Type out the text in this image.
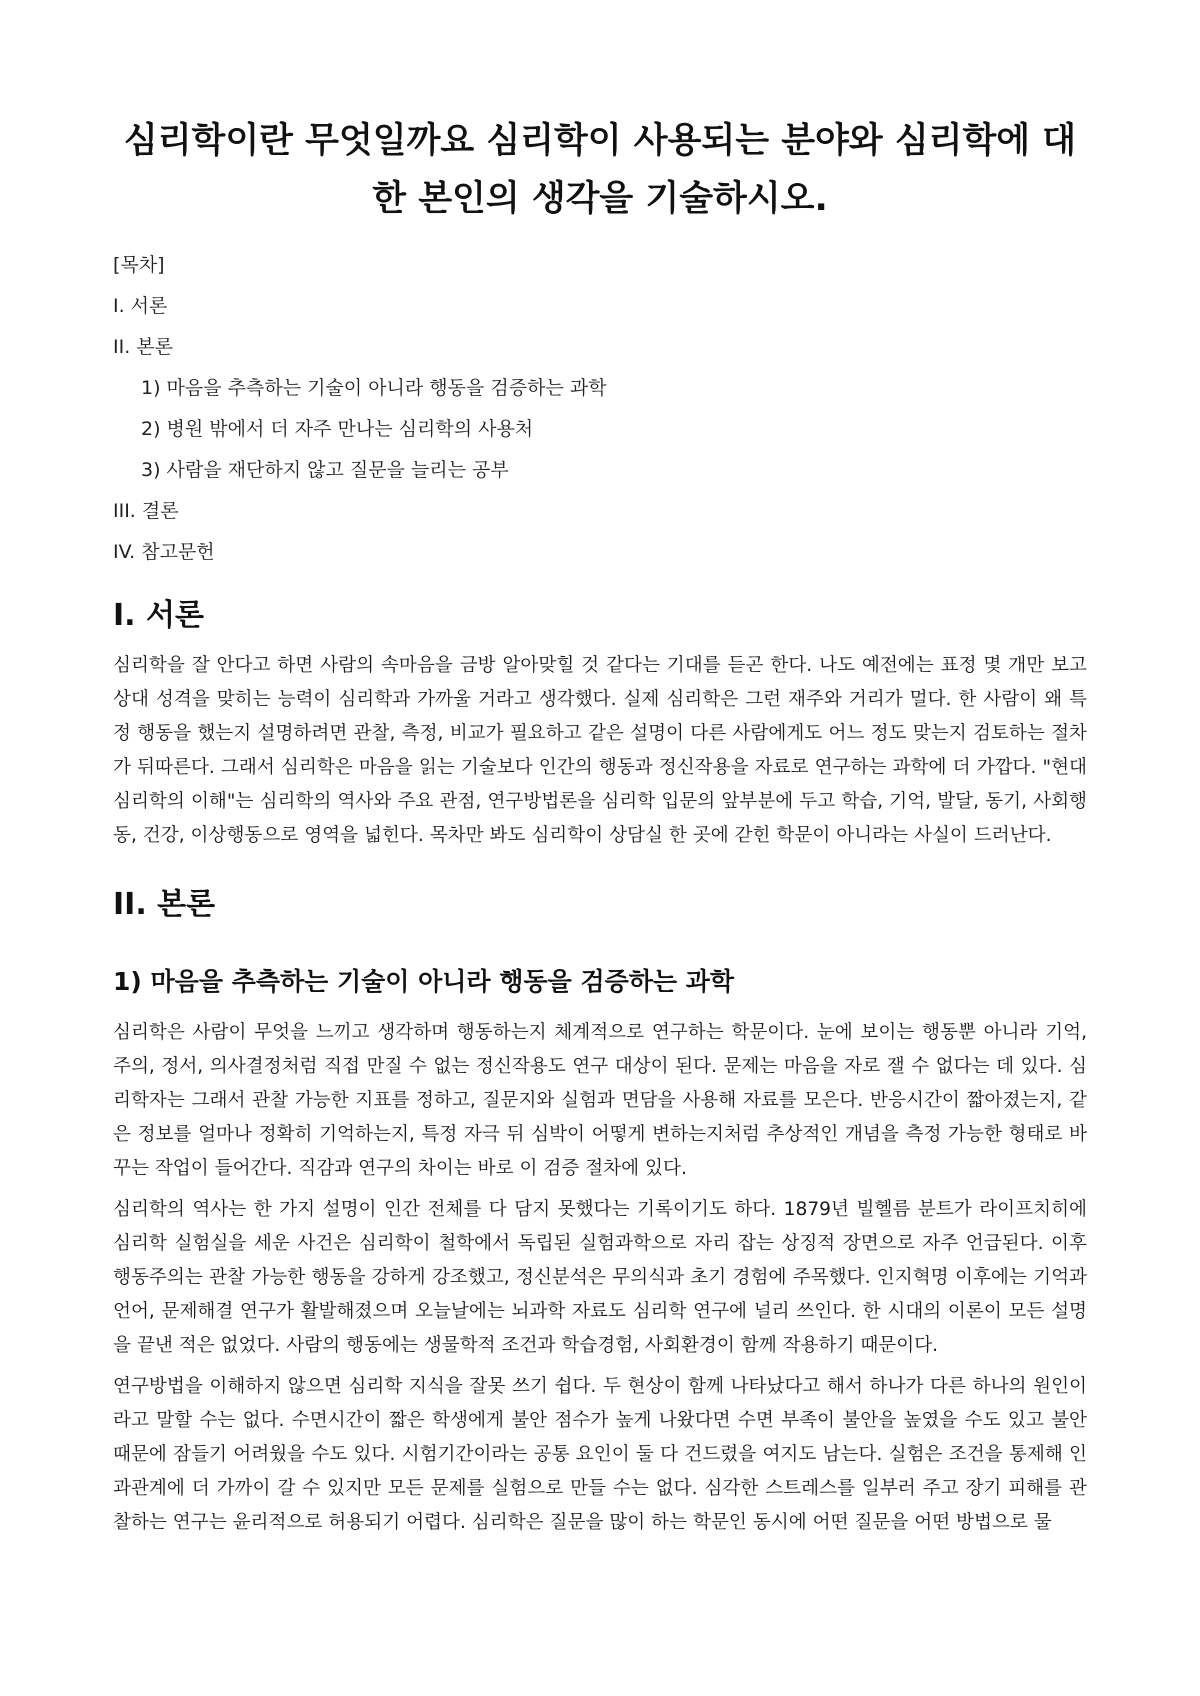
심리학이란 무엇일까요 심리학이 사용되는 분야와 심리학에 대한 본인의 생각을 기술하시오.

[목차]

I. 서론

II. 본론

1) 마음을 추측하는 기술이 아니라 행동을 검증하는 과학

2) 병원 밖에서 더 자주 만나는 심리학의 사용처

3) 사람을 재단하지 않고 질문을 늘리는 공부

III. 결론

IV. 참고문헌

I. 서론

심리학을 잘 안다고 하면 사람의 속마음을 금방 알아맞힐 것 같다는 기대를 듣곤 한다. 나도 예전에는 표정 몇 개만 보고 상대 성격을 맞히는 능력이 심리학과 가까울 거라고 생각했다. 실제 심리학은 그런 재주와 거리가 멀다. 한 사람이 왜 특정 행동을 했는지 설명하려면 관찰, 측정, 비교가 필요하고 같은 설명이 다른 사람에게도 어느 정도 맞는지 검토하는 절차가 뒤따른다. 그래서 심리학은 마음을 읽는 기술보다 인간의 행동과 정신작용을 자료로 연구하는 과학에 더 가깝다. "현대 심리학의 이해"는 심리학의 역사와 주요 관점, 연구방법론을 심리학 입문의 앞부분에 두고 학습, 기억, 발달, 동기, 사회행동, 건강, 이상행동으로 영역을 넓힌다. 목차만 봐도 심리학이 상담실 한 곳에 갇힌 학문이 아니라는 사실이 드러난다.

II. 본론
1) 마음을 추측하는 기술이 아니라 행동을 검증하는 과학

심리학은 사람이 무엇을 느끼고 생각하며 행동하는지 체계적으로 연구하는 학문이다. 눈에 보이는 행동뿐 아니라 기억, 주의, 정서, 의사결정처럼 직접 만질 수 없는 정신작용도 연구 대상이 된다. 문제는 마음을 자로 잴 수 없다는 데 있다. 심리학자는 그래서 관찰 가능한 지표를 정하고, 질문지와 실험과 면담을 사용해 자료를 모은다. 반응시간이 짧아졌는지, 같은 정보를 얼마나 정확히 기억하는지, 특정 자극 뒤 심박이 어떻게 변하는지처럼 추상적인 개념을 측정 가능한 형태로 바꾸는 작업이 들어간다. 직감과 연구의 차이는 바로 이 검증 절차에 있다.

심리학의 역사는 한 가지 설명이 인간 전체를 다 담지 못했다는 기록이기도 하다. 1879년 빌헬름 분트가 라이프치히에 심리학 실험실을 세운 사건은 심리학이 철학에서 독립된 실험과학으로 자리 잡는 상징적 장면으로 자주 언급된다. 이후 행동주의는 관찰 가능한 행동을 강하게 강조했고, 정신분석은 무의식과 초기 경험에 주목했다. 인지혁명 이후에는 기억과 언어, 문제해결 연구가 활발해졌으며 오늘날에는 뇌과학 자료도 심리학 연구에 널리 쓰인다. 한 시대의 이론이 모든 설명을 끝낸 적은 없었다. 사람의 행동에는 생물학적 조건과 학습경험, 사회환경이 함께 작용하기 때문이다.

연구방법을 이해하지 않으면 심리학 지식을 잘못 쓰기 쉽다. 두 현상이 함께 나타났다고 해서 하나가 다른 하나의 원인이라고 말할 수는 없다. 수면시간이 짧은 학생에게 불안 점수가 높게 나왔다면 수면 부족이 불안을 높였을 수도 있고 불안 때문에 잠들기 어려웠을 수도 있다. 시험기간이라는 공통 요인이 둘 다 건드렸을 여지도 남는다. 실험은 조건을 통제해 인과관계에 더 가까이 갈 수 있지만 모든 문제를 실험으로 만들 수는 없다. 심각한 스트레스를 일부러 주고 장기 피해를 관찰하는 연구는 윤리적으로 허용되기 어렵다. 심리학은 질문을 많이 하는 학문인 동시에 어떤 질문을 어떤 방법으로 물
